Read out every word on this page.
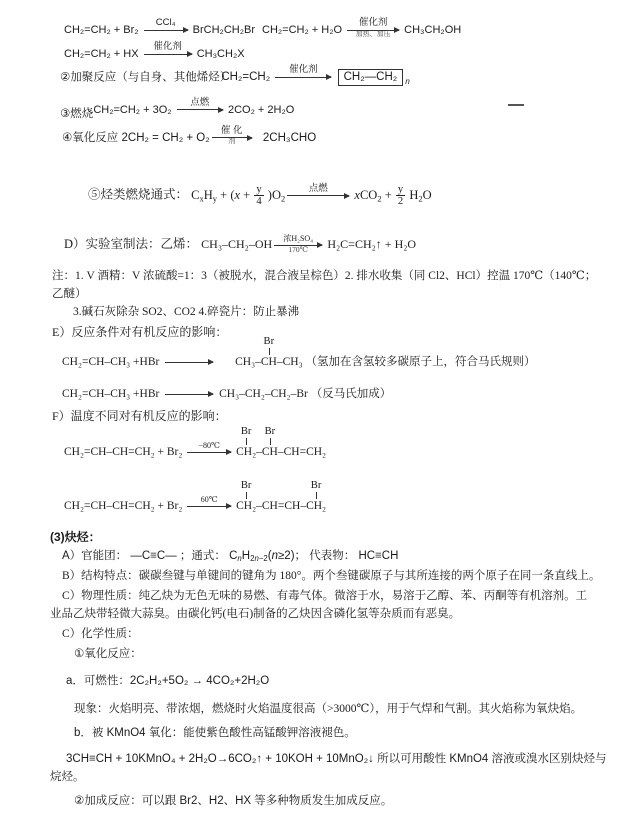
CH₂=CH₂ + Br₂
CCl₄
BrCH₂CH₂Br CH₂=CH₂ + H₂O
催化剂
加热、加压 CH₃CH₂OH
CH₂=CH₂ + HX
催化剂
CH₃CH₂X
②加聚反应（与自身、其他烯烃）CH₂=CH₂
催化剂
CH₂—CH₂ $_n$
③燃烧CH₂=CH₂ + 3O₂
点燃
2CO₂ + 2H₂O
④氧化反应 2CH₂ = CH₂ + O₂
催 化
剂 2CH₃CHO
⑤烃类燃烧通式： $C_xH_y + (x + \frac{y}{4} )O_2$
点燃 $xCO_2 + \frac{y}{2} H_2O$
D）实验室制法：乙烯： CH₃–CH₂–OH 浓H₂SO₄
170℃ H₂C=CH₂↑ + H₂O
注：1. V 酒精：V 浓硫酸=1：3（被脱水，混合液呈棕色）2. 排水收集（同 Cl2、HCl）控温 170℃（140℃；
乙醚）
3.碱石灰除杂 SO2、CO2 4.碎瓷片：防止暴沸
E）反应条件对有机反应的影响：
CH₂=CH–CH₃ +HBr	CH₃–
Br
CH–CH₃ （氢加在含氢较多碳原子上，符合马氏规则）
CH₂=CH–CH₃ +HBr	CH₃–CH₂–CH₂–Br （反马氏加成）
F）温度不同对有机反应的影响：
CH₂=CH–CH=CH₂ + Br₂
−80℃

Br
CH₂–
Br
CH–CH=CH₂
CH₂=CH–CH=CH₂ + Br₂
60℃

Br
CH₂–CH=CH–
Br
CH₂
(3)炔烃：
A）官能团： —C≡C— ；通式： $C_nH_{2n-2}(n\ge 2)$； 代表物： HC≡CH
B）结构特点：碳碳叁键与单键间的键角为 180°。两个叁键碳原子与其所连接的两个原子在同一条直线上。
C）物理性质：纯乙炔为无色无味的易燃、有毒气体。微溶于水，易溶于乙醇、苯、丙酮等有机溶剂。工
业品乙炔带轻微大蒜臭。由碳化钙(电石)制备的乙炔因含磷化氢等杂质而有恶臭。
C）化学性质：
①氧化反应：
a．可燃性：2C₂H₂+5O₂ → 4CO₂+2H₂O
现象：火焰明亮、带浓烟，燃烧时火焰温度很高（>3000℃），用于气焊和气割。其火焰称为氧炔焰。
b．被 KMnO4 氧化：能使紫色酸性高锰酸钾溶液褪色。
3CH≡CH + 10KMnO₄ + 2H₂O→6CO₂↑ + 10KOH + 10MnO₂↓ 所以可用酸性 KMnO4 溶液或溴水区别炔烃与
烷烃。
②加成反应：可以跟 Br2、H2、HX 等多种物质发生加成反应。
